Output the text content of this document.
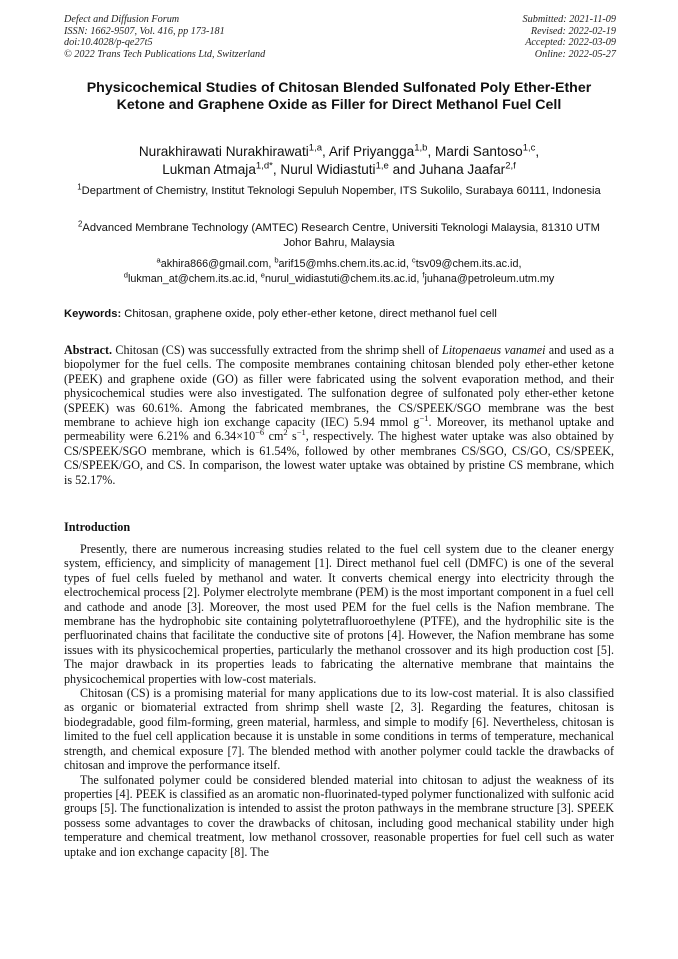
Defect and Diffusion Forum
ISSN: 1662-9507, Vol. 416, pp 173-181
doi:10.4028/p-qe27t5
© 2022 Trans Tech Publications Ltd, Switzerland
Submitted: 2021-11-09
Revised: 2022-02-19
Accepted: 2022-03-09
Online: 2022-05-27
Physicochemical Studies of Chitosan Blended Sulfonated Poly Ether-Ether Ketone and Graphene Oxide as Filler for Direct Methanol Fuel Cell
Nurakhirawati Nurakhirawati$^{1,a}$, Arif Priyangga$^{1,b}$, Mardi Santoso$^{1,c}$,
Lukman Atmaja$^{1,d*}$, Nurul Widiastuti$^{1,e}$ and Juhana Jaafar$^{2,f}$
$^1$Department of Chemistry, Institut Teknologi Sepuluh Nopember, ITS Sukolilo, Surabaya 60111, Indonesia
$^2$Advanced Membrane Technology (AMTEC) Research Centre, Universiti Teknologi Malaysia, 81310 UTM Johor Bahru, Malaysia
$^a$akhira866@gmail.com, $^b$arif15@mhs.chem.its.ac.id, $^c$tsv09@chem.its.ac.id,
$^d$lukman_at@chem.its.ac.id, $^e$nurul_widiastuti@chem.its.ac.id, $^f$juhana@petroleum.utm.my
Keywords: Chitosan, graphene oxide, poly ether-ether ketone, direct methanol fuel cell
Abstract. Chitosan (CS) was successfully extracted from the shrimp shell of Litopenaeus vanamei and used as a biopolymer for the fuel cells. The composite membranes containing chitosan blended poly ether-ether ketone (PEEK) and graphene oxide (GO) as filler were fabricated using the solvent evaporation method, and their physicochemical studies were also investigated. The sulfonation degree of sulfonated poly ether-ether ketone (SPEEK) was 60.61%. Among the fabricated membranes, the CS/SPEEK/SGO membrane was the best membrane to achieve high ion exchange capacity (IEC) 5.94 mmol $g^{-1}$. Moreover, its methanol uptake and permeability were 6.21% and $6.34\times 10^{-6}$ $cm^2$ $s^{-1}$, respectively. The highest water uptake was also obtained by CS/SPEEK/SGO membrane, which is 61.54%, followed by other membranes CS/SGO, CS/GO, CS/SPEEK, CS/SPEEK/GO, and CS. In comparison, the lowest water uptake was obtained by pristine CS membrane, which is 52.17%.
Introduction

Presently, there are numerous increasing studies related to the fuel cell system due to the cleaner energy system, efficiency, and simplicity of management [1]. Direct methanol fuel cell (DMFC) is one of the several types of fuel cells fueled by methanol and water. It converts chemical energy into electricity through the electrochemical process [2]. Polymer electrolyte membrane (PEM) is the most important component in a fuel cell and cathode and anode [3]. Moreover, the most used PEM for the fuel cells is the Nafion membrane. The membrane has the hydrophobic site containing polytetrafluoroethylene (PTFE), and the hydrophilic site is the perfluorinated chains that facilitate the conductive site of protons [4]. However, the Nafion membrane has some issues with its physicochemical properties, particularly the methanol crossover and its high production cost [5]. The major drawback in its properties leads to fabricating the alternative membrane that maintains the physicochemical properties with low-cost materials.

Chitosan (CS) is a promising material for many applications due to its low-cost material. It is also classified as organic or biomaterial extracted from shrimp shell waste [2, 3]. Regarding the features, chitosan is biodegradable, good film-forming, green material, harmless, and simple to modify [6]. Nevertheless, chitosan is limited to the fuel cell application because it is unstable in some conditions in terms of temperature, mechanical strength, and chemical exposure [7]. The blended method with another polymer could tackle the drawbacks of chitosan and improve the performance itself.

The sulfonated polymer could be considered blended material into chitosan to adjust the weakness of its properties [4]. PEEK is classified as an aromatic non-fluorinated-typed polymer functionalized with sulfonic acid groups [5]. The functionalization is intended to assist the proton pathways in the membrane structure [3]. SPEEK possess some advantages to cover the drawbacks of chitosan, including good mechanical stability under high temperature and chemical treatment, low methanol crossover, reasonable properties for fuel cell such as water uptake and ion exchange capacity [8]. The
